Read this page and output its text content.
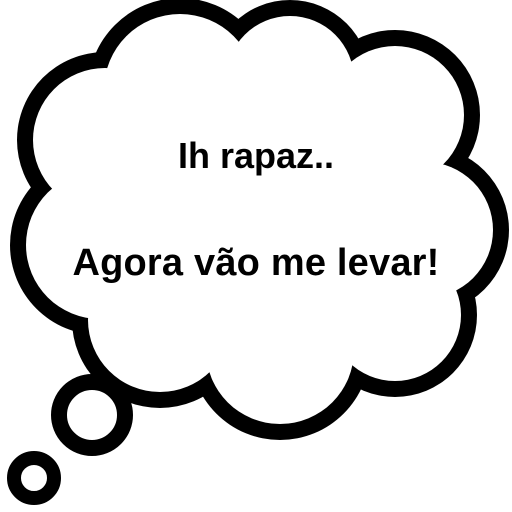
Ih rapaz..
Agora vão me levar!
